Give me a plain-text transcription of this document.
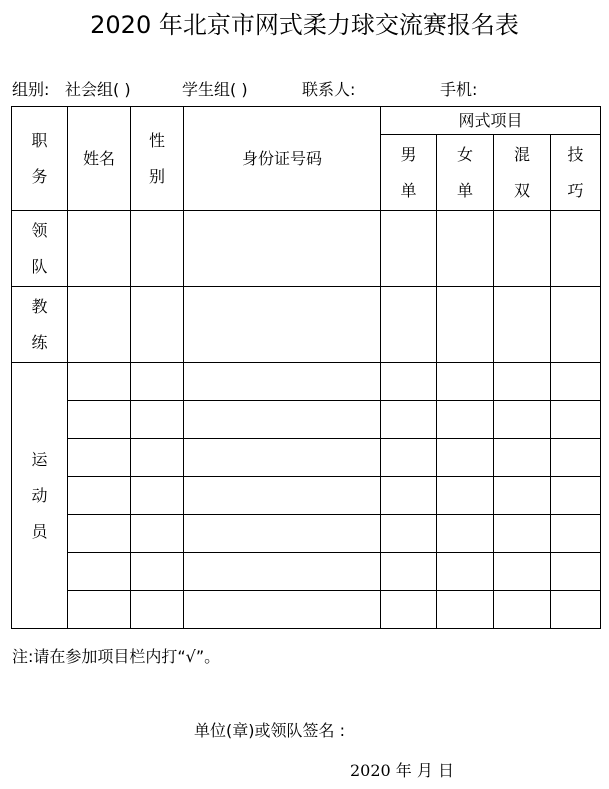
2020 年北京市网式柔力球交流赛报名表
组别: 社会组( )	学生组( )	联系人:	手机:
职务	姓名	性别	身份证号码	网式项目			
				男单	女单	混双	技巧
领队							
教练							
运动员							

注:请在参加项目栏内打“√”。
单位(章)或领队签名 :
2020 年 月 日
